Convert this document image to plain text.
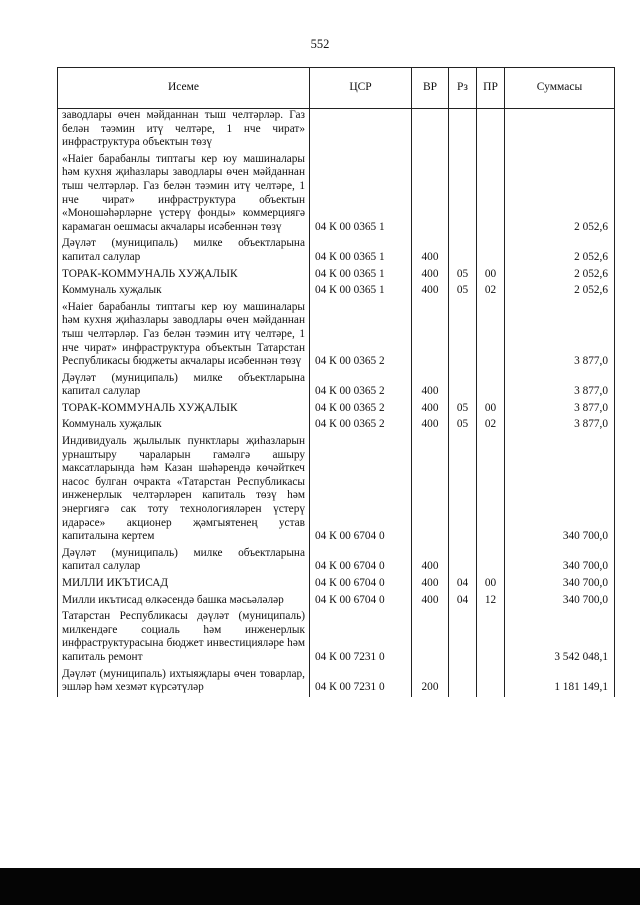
552
Исеме	ЦСР	ВР	Рз	ПР	Суммасы
заводлары өчен мәйданнан тыш челтәрләр. Газ белән тәэмин итү челтәре, 1 нче чират» инфраструктура объектын төзү					
«Haier барабанлы типтагы кер юу машиналары һәм кухня җиһазлары заводлары өчен мәйданнан тыш челтәрләр. Газ белән тәэмин итү челтәре, 1 нче чират» инфраструктура объектын «Моношәһәрләрне үстерү фонды» коммерциягә карамаган оешмасы акчалары исәбеннән төзү	04 К 00 0365 1				2 052,6
Дәүләт (муниципаль) милке объектларына капитал салулар	04 К 00 0365 1	400			2 052,6
ТОРАК-КОММУНАЛЬ ХУҖАЛЫК	04 К 00 0365 1	400	05	00	2 052,6
Коммуналь хуҗалык	04 К 00 0365 1	400	05	02	2 052,6
«Haier барабанлы типтагы кер юу машиналары һәм кухня җиһазлары заводлары өчен мәйданнан тыш челтәрләр. Газ белән тәэмин итү челтәре, 1 нче чират» инфраструктура объектын Татарстан Республикасы бюджеты акчалары исәбеннән төзү	04 К 00 0365 2				3 877,0
Дәүләт (муниципаль) милке объектларына капитал салулар	04 К 00 0365 2	400			3 877,0
ТОРАК-КОММУНАЛЬ ХУҖАЛЫК	04 К 00 0365 2	400	05	00	3 877,0
Коммуналь хуҗалык	04 К 00 0365 2	400	05	02	3 877,0
Индивидуаль җылылык пунктлары җиһазларын урнаштыру чараларын гамәлгә ашыру максатларында һәм Казан шәһәрендә көчәйткеч насос булган очракта «Татарстан Республикасы инженерлык челтәрләрен капиталь төзү һәм энергиягә сак тоту технологияләрен үстерү идарәсе» акционер җәмгыятенең устав капиталына кертем	04 К 00 6704 0				340 700,0
Дәүләт (муниципаль) милке объектларына капитал салулар	04 К 00 6704 0	400			340 700,0
МИЛЛИ ИКЪТИСАД	04 К 00 6704 0	400	04	00	340 700,0
Милли икътисад өлкәсендә башка мәсьәләләр	04 К 00 6704 0	400	04	12	340 700,0
Татарстан Республикасы дәүләт (муниципаль) милкендәге социаль һәм инженерлык инфраструктурасына бюджет инвестицияләре һәм капиталь ремонт	04 К 00 7231 0				3 542 048,1
Дәүләт (муниципаль) ихтыяҗлары өчен товарлар, эшләр һәм хезмәт күрсәтүләр	04 К 00 7231 0	200			1 181 149,1
